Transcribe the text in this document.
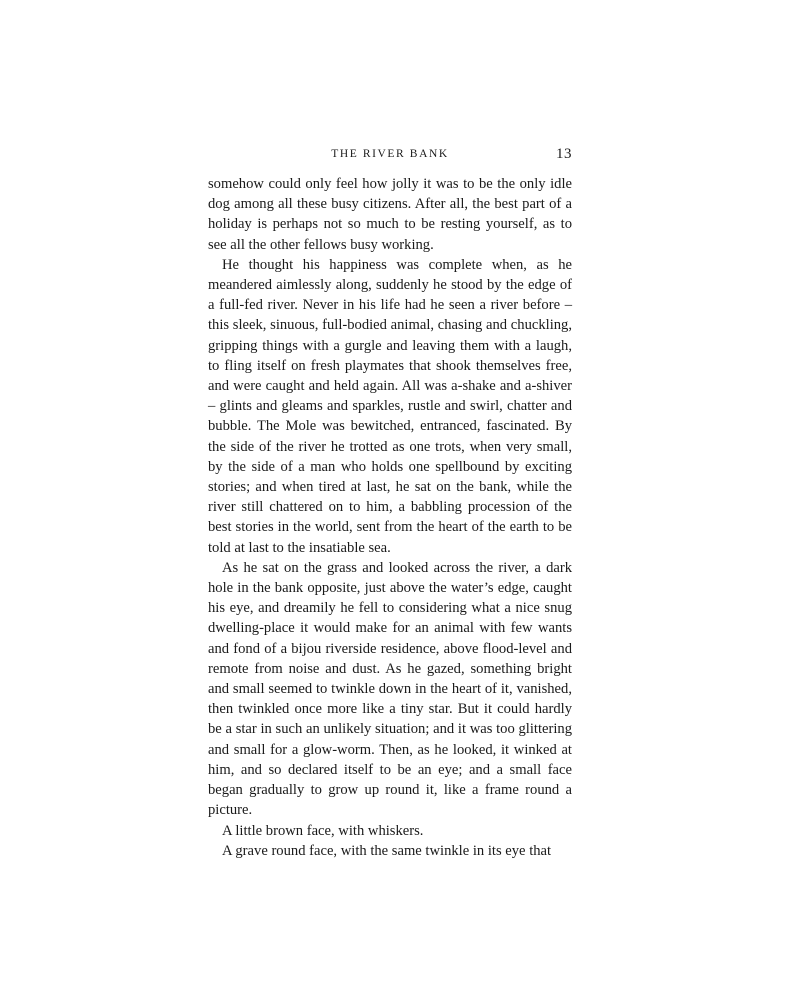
THE RIVER BANK	13

somehow could only feel how jolly it was to be the only idle dog among all these busy citizens. After all, the best part of a holiday is perhaps not so much to be resting yourself, as to see all the other fellows busy working.

He thought his happiness was complete when, as he meandered aimlessly along, suddenly he stood by the edge of a full-fed river. Never in his life had he seen a river before – this sleek, sinuous, full-bodied animal, chasing and chuckling, gripping things with a gurgle and leaving them with a laugh, to fling itself on fresh playmates that shook themselves free, and were caught and held again. All was a-shake and a-shiver – glints and gleams and sparkles, rustle and swirl, chatter and bubble. The Mole was bewitched, entranced, fascinated. By the side of the river he trotted as one trots, when very small, by the side of a man who holds one spellbound by exciting stories; and when tired at last, he sat on the bank, while the river still chattered on to him, a babbling procession of the best stories in the world, sent from the heart of the earth to be told at last to the insatiable sea.

As he sat on the grass and looked across the river, a dark hole in the bank opposite, just above the water’s edge, caught his eye, and dreamily he fell to considering what a nice snug dwelling-place it would make for an animal with few wants and fond of a bijou riverside residence, above flood-level and remote from noise and dust. As he gazed, something bright and small seemed to twinkle down in the heart of it, vanished, then twinkled once more like a tiny star. But it could hardly be a star in such an unlikely situation; and it was too glittering and small for a glow-worm. Then, as he looked, it winked at him, and so declared itself to be an eye; and a small face began gradually to grow up round it, like a frame round a picture.

A little brown face, with whiskers.

A grave round face, with the same twinkle in its eye that
